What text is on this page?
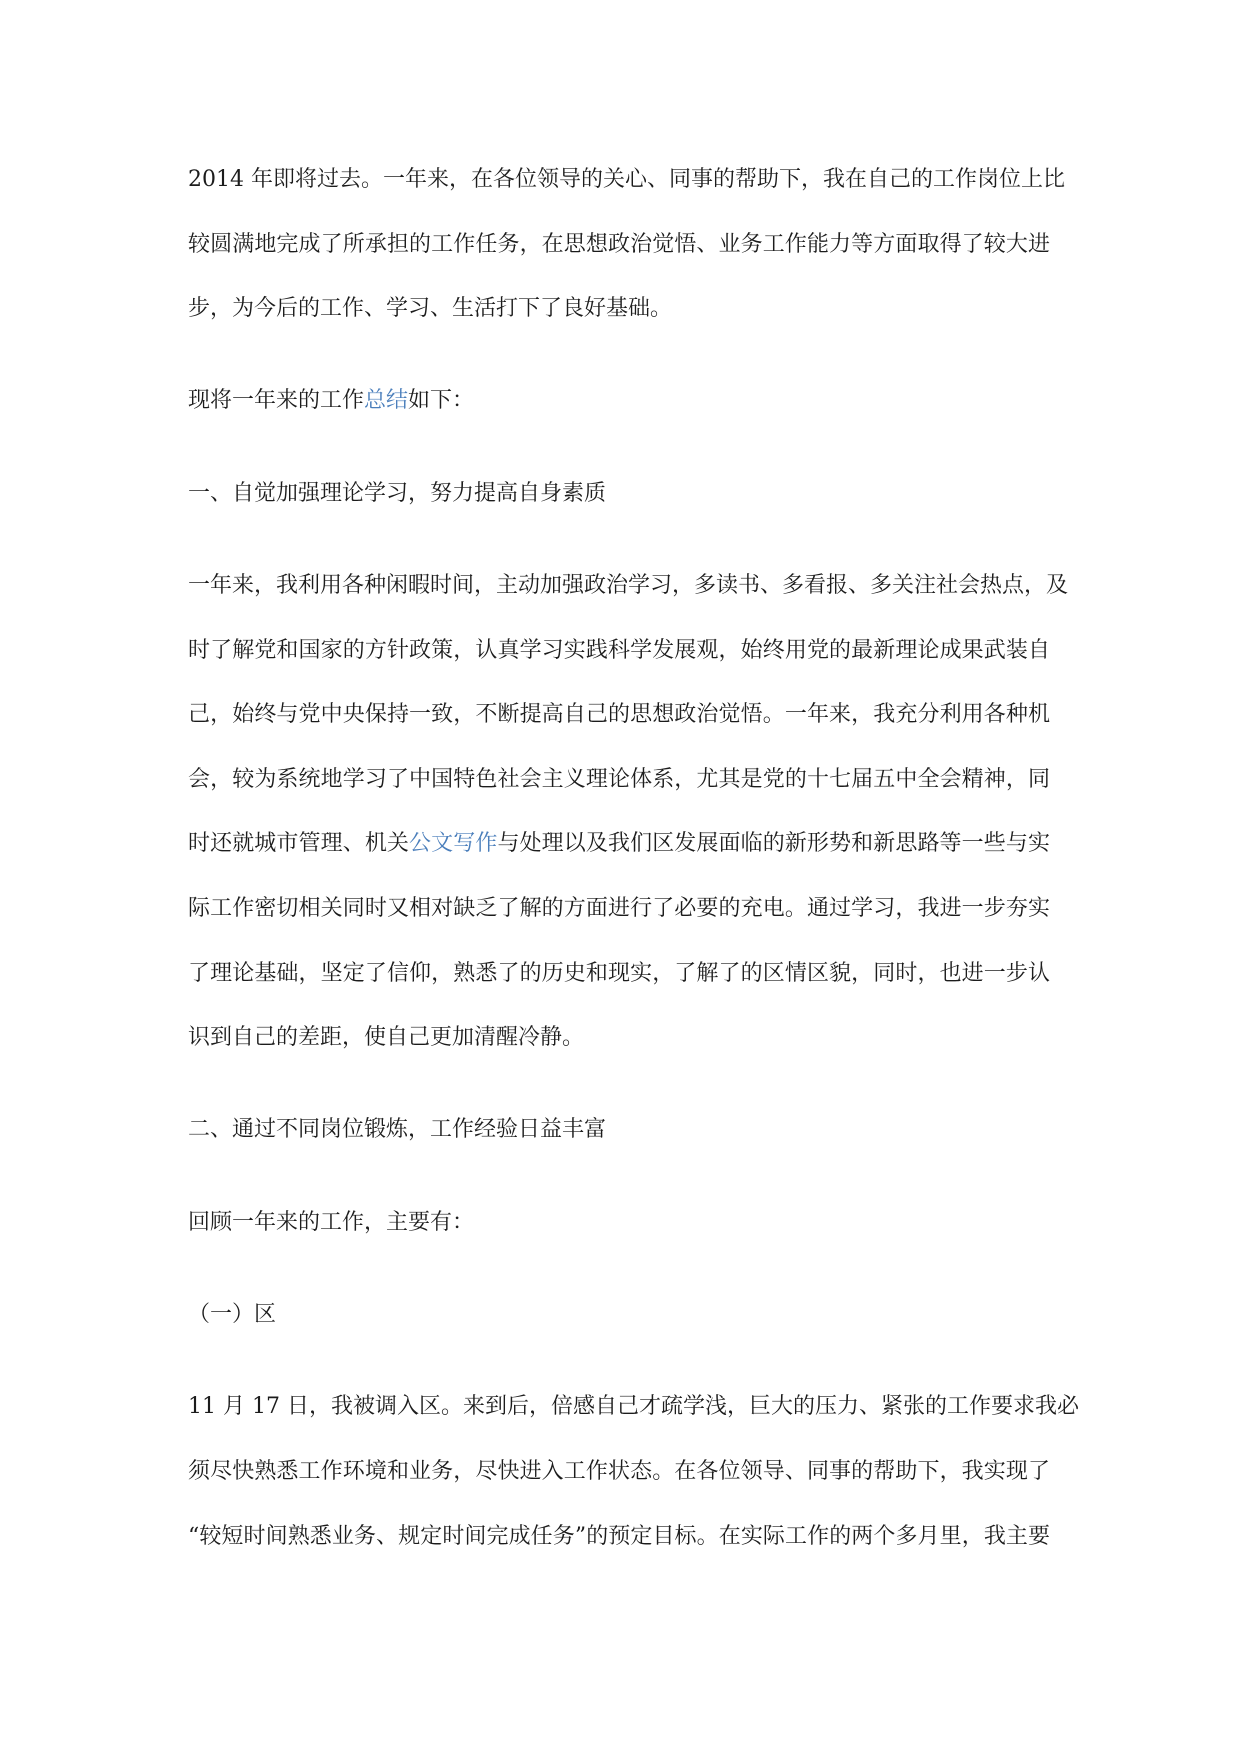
2014 年即将过去。一年来，在各位领导的关心、同事的帮助下，我在自己的工作岗位上比
较圆满地完成了所承担的工作任务，在思想政治觉悟、业务工作能力等方面取得了较大进
步，为今后的工作、学习、生活打下了良好基础。
现将一年来的工作总结如下：
一、自觉加强理论学习，努力提高自身素质
一年来，我利用各种闲暇时间，主动加强政治学习，多读书、多看报、多关注社会热点，及
时了解党和国家的方针政策，认真学习实践科学发展观，始终用党的最新理论成果武装自
己，始终与党中央保持一致，不断提高自己的思想政治觉悟。一年来，我充分利用各种机
会，较为系统地学习了中国特色社会主义理论体系，尤其是党的十七届五中全会精神，同
时还就城市管理、机关公文写作与处理以及我们区发展面临的新形势和新思路等一些与实
际工作密切相关同时又相对缺乏了解的方面进行了必要的充电。通过学习，我进一步夯实
了理论基础，坚定了信仰，熟悉了的历史和现实，了解了的区情区貌，同时，也进一步认
识到自己的差距，使自己更加清醒冷静。
二、通过不同岗位锻炼，工作经验日益丰富
回顾一年来的工作，主要有：
（一）区
11 月 17 日，我被调入区。来到后，倍感自己才疏学浅，巨大的压力、紧张的工作要求我必
须尽快熟悉工作环境和业务，尽快进入工作状态。在各位领导、同事的帮助下，我实现了
“较短时间熟悉业务、规定时间完成任务”的预定目标。在实际工作的两个多月里，我主要
